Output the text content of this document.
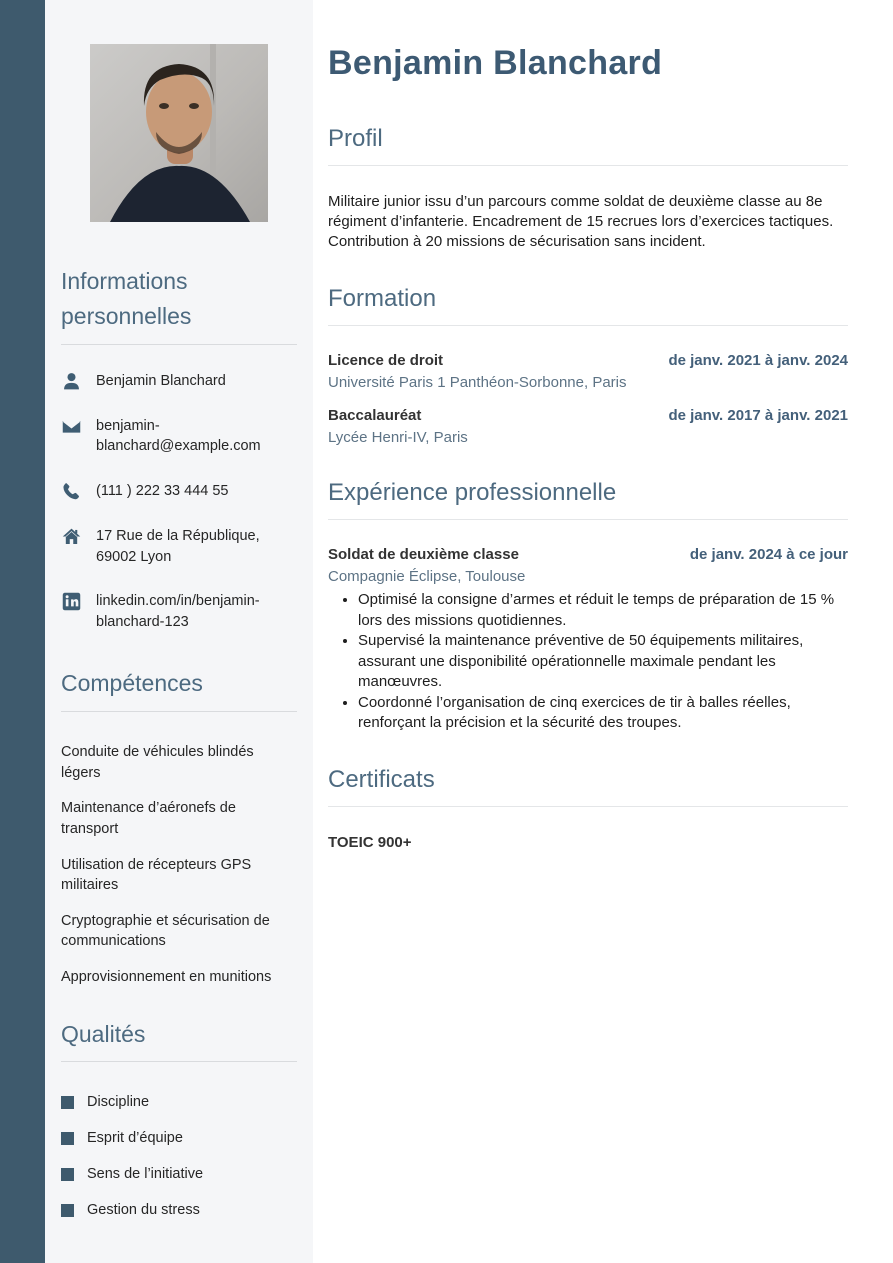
Informations personnelles
Benjamin Blanchard
benjamin-blanchard@example.com
(111 ) 222 33 444 55
17 Rue de la République, 69002 Lyon
linkedin.com/in/benjamin-blanchard-123
Compétences
Conduite de véhicules blindés légers
Maintenance d’aéronefs de transport
Utilisation de récepteurs GPS militaires
Cryptographie et sécurisation de communications
Approvisionnement en munitions
Qualités
Discipline
Esprit d’équipe
Sens de l’initiative
Gestion du stress
Benjamin Blanchard
Profil

Militaire junior issu d’un parcours comme soldat de deuxième classe au 8e régiment d’infanterie. Encadrement de 15 recrues lors d’exercices tactiques. Contribution à 20 missions de sécurisation sans incident.

Formation
Licence de droit	de janv. 2021 à janv. 2024
Université Paris 1 Panthéon-Sorbonne, Paris
Baccalauréat	de janv. 2017 à janv. 2021
Lycée Henri-IV, Paris
Expérience professionnelle
Soldat de deuxième classe	de janv. 2024 à ce jour
Compagnie Éclipse, Toulouse
• Optimisé la consigne d’armes et réduit le temps de préparation de 15 % lors des missions quotidiennes.
• Supervisé la maintenance préventive de 50 équipements militaires, assurant une disponibilité opérationnelle maximale pendant les manœuvres.
• Coordonné l’organisation de cinq exercices de tir à balles réelles, renforçant la précision et la sécurité des troupes.
Certificats
TOEIC 900+
